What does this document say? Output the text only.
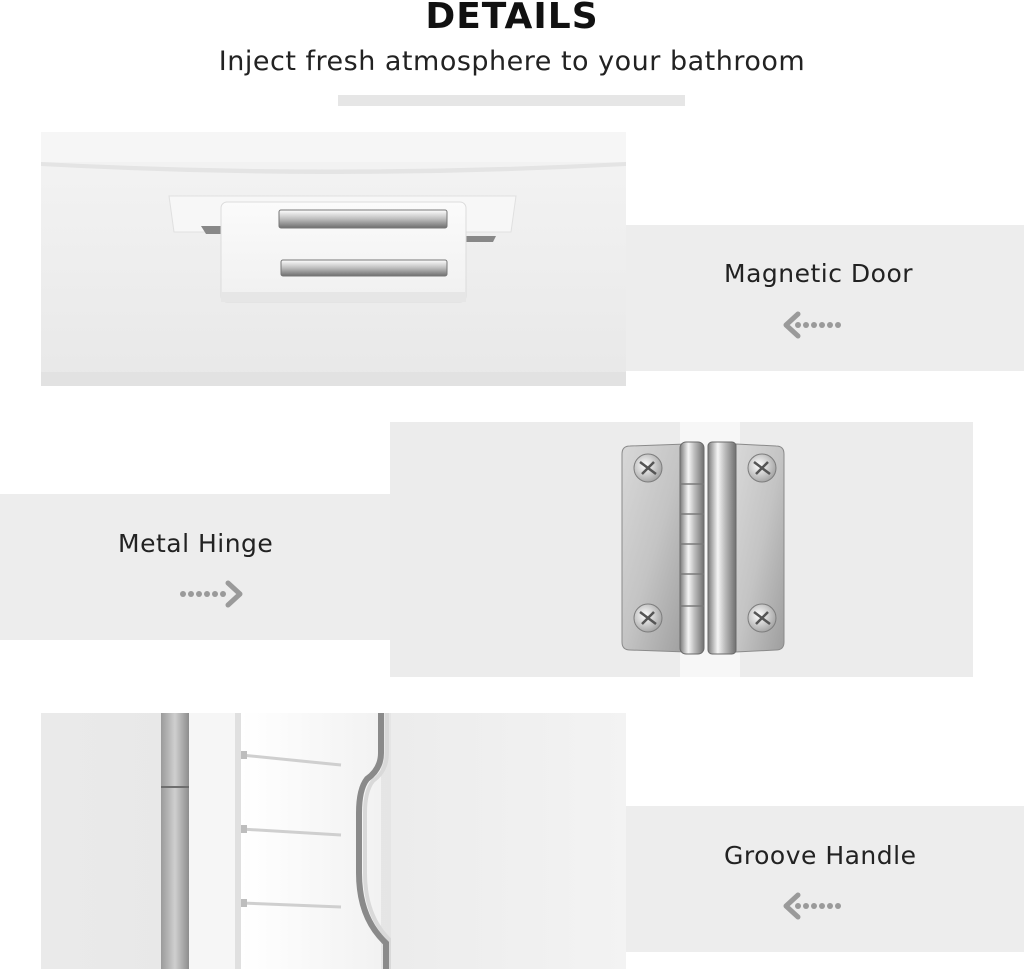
DETAILS
Inject fresh atmosphere to your bathroom
Magnetic Door
Metal Hinge
Groove Handle
